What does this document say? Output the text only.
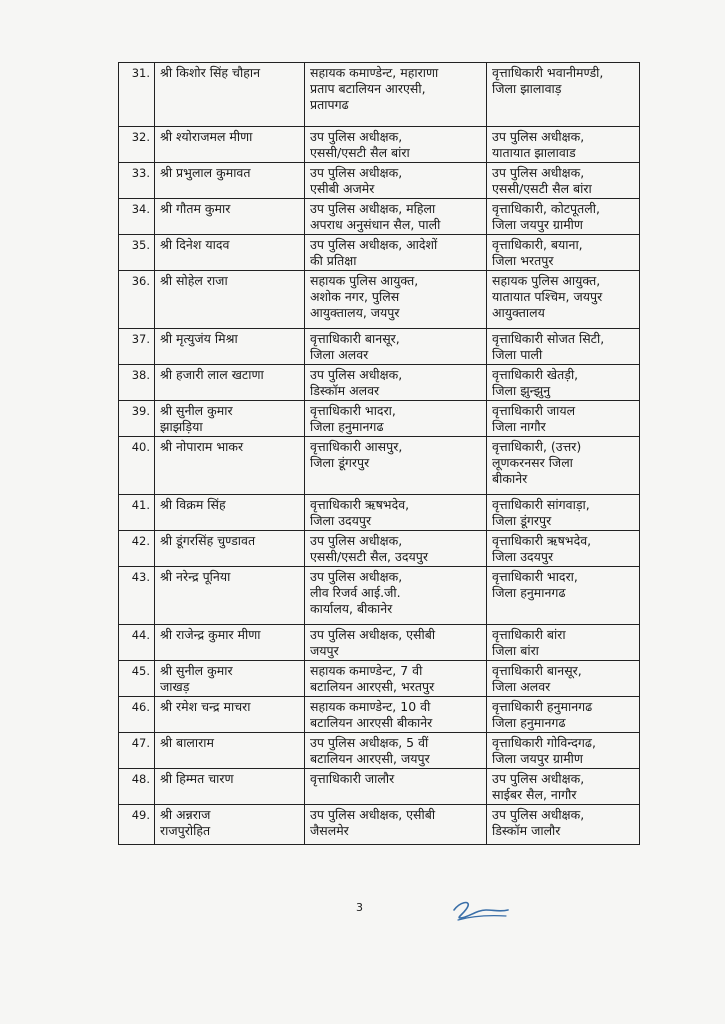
31.	श्री किशोर सिंह चौहान	सहायक कमाण्डेन्ट, महाराणा
प्रताप बटालियन आरएसी,
प्रतापगढ	वृत्ताधिकारी भवानीमण्डी,
जिला झालावाड़

32.	श्री श्योराजमल मीणा	उप पुलिस अधीक्षक,
एससी/एसटी सैल बांरा	उप पुलिस अधीक्षक,
यातायात झालावाड

33.	श्री प्रभुलाल कुमावत	उप पुलिस अधीक्षक,
एसीबी अजमेर	उप पुलिस अधीक्षक,
एससी/एसटी सैल बांरा

34.	श्री गौतम कुमार	उप पुलिस अधीक्षक, महिला
अपराध अनुसंधान सैल, पाली	वृत्ताधिकारी, कोटपूतली,
जिला जयपुर ग्रामीण

35.	श्री दिनेश यादव	उप पुलिस अधीक्षक, आदेशों
की प्रतिक्षा	वृत्ताधिकारी, बयाना,
जिला भरतपुर

36.	श्री सोहेल राजा	सहायक पुलिस आयुक्त,
अशोक नगर, पुलिस
आयुक्तालय, जयपुर	सहायक पुलिस आयुक्त,
यातायात पश्चिम, जयपुर
आयुक्तालय

37.	श्री मृत्युजंय मिश्रा	वृत्ताधिकारी बानसूर,
जिला अलवर	वृत्ताधिकारी सोजत सिटी,
जिला पाली

38.	श्री हजारी लाल खटाणा	उप पुलिस अधीक्षक,
डिस्कॉम अलवर	वृत्ताधिकारी खेतड़ी,
जिला झुन्झुनु

39.	श्री सुनील कुमार
झाझड़िया	वृत्ताधिकारी भादरा,
जिला हनुमानगढ	वृत्ताधिकारी जायल
जिला नागौर

40.	श्री नोपाराम भाकर	वृत्ताधिकारी आसपुर,
जिला डूंगरपुर	वृत्ताधिकारी, (उत्तर)
लूणकरनसर जिला
बीकानेर

41.	श्री विक्रम सिंह	वृत्ताधिकारी ऋषभदेव,
जिला उदयपुर	वृत्ताधिकारी सांगवाड़ा,
जिला डूंगरपुर

42.	श्री डूंगरसिंह चुण्डावत	उप पुलिस अधीक्षक,
एससी/एसटी सैल, उदयपुर	वृत्ताधिकारी ऋषभदेव,
जिला उदयपुर

43.	श्री नरेन्द्र पूनिया	उप पुलिस अधीक्षक,
लीव रिजर्व आई.जी.
कार्यालय, बीकानेर	वृत्ताधिकारी भादरा,
जिला हनुमानगढ

44.	श्री राजेन्द्र कुमार मीणा	उप पुलिस अधीक्षक, एसीबी
जयपुर	वृत्ताधिकारी बांरा
जिला बांरा

45.	श्री सुनील कुमार
जाखड़	सहायक कमाण्डेन्ट, 7 वी
बटालियन आरएसी, भरतपुर	वृत्ताधिकारी बानसूर,
जिला अलवर

46.	श्री रमेश चन्द्र माचरा	सहायक कमाण्डेन्ट, 10 वी
बटालियन आरएसी बीकानेर	वृत्ताधिकारी हनुमानगढ
जिला हनुमानगढ

47.	श्री बालाराम	उप पुलिस अधीक्षक, 5 वीं
बटालियन आरएसी, जयपुर	वृत्ताधिकारी गोविन्दगढ,
जिला जयपुर ग्रामीण

48.	श्री हिम्मत चारण	वृत्ताधिकारी जालौर	उप पुलिस अधीक्षक,
साईबर सैल, नागौर

49.	श्री अन्नराज
राजपुरोहित	उप पुलिस अधीक्षक, एसीबी
जैसलमेर	उप पुलिस अधीक्षक,
डिस्कॉम जालौर
3
